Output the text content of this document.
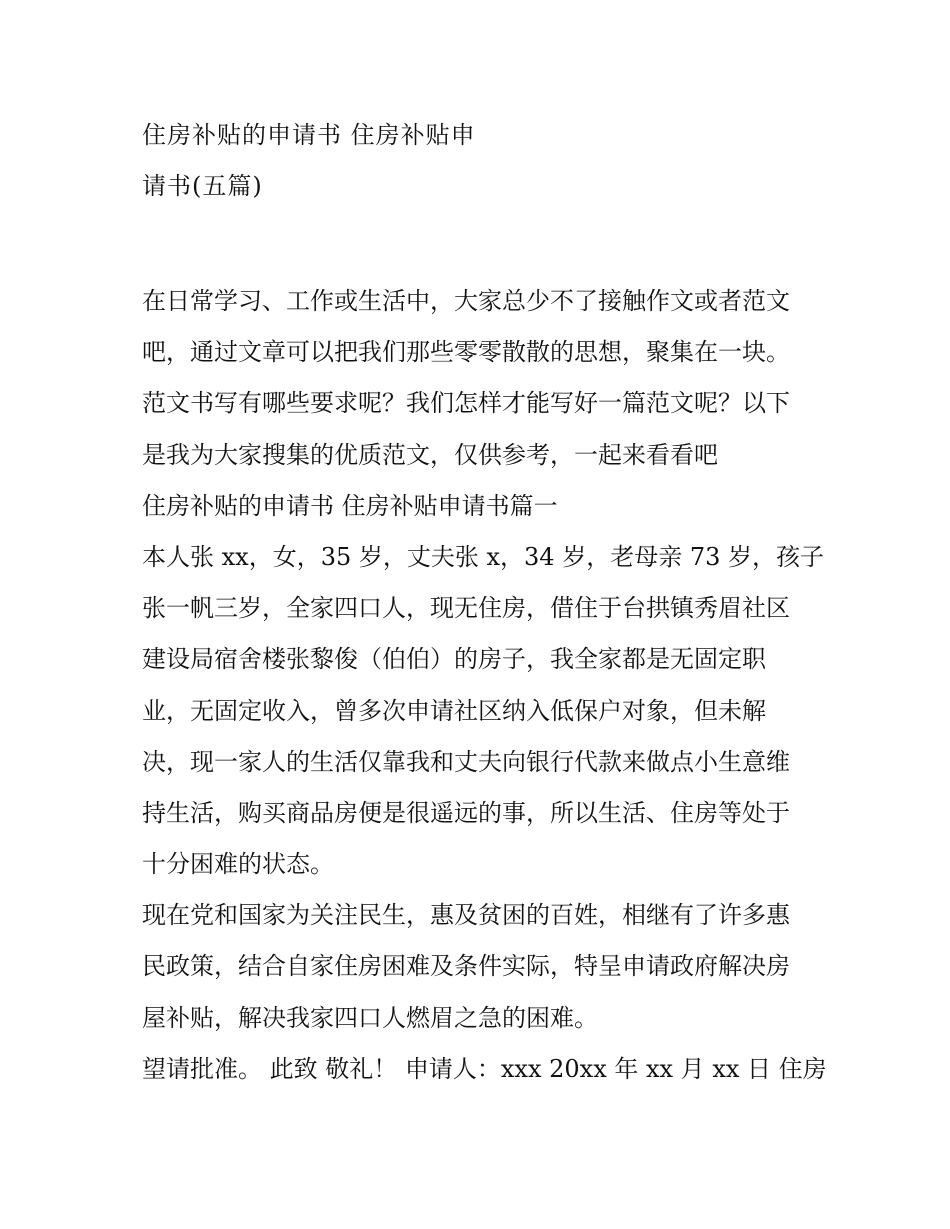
住房补贴的申请书 住房补贴申
请书(五篇)
在日常学习、工作或生活中，大家总少不了接触作文或者范文
吧，通过文章可以把我们那些零零散散的思想，聚集在一块。
范文书写有哪些要求呢？我们怎样才能写好一篇范文呢？以下
是我为大家搜集的优质范文，仅供参考，一起来看看吧
住房补贴的申请书 住房补贴申请书篇一
本人张 xx，女，35 岁，丈夫张 x，34 岁，老母亲 73 岁，孩子
张一帆三岁，全家四口人，现无住房，借住于台拱镇秀眉社区
建设局宿舍楼张黎俊（伯伯）的房子，我全家都是无固定职
业，无固定收入，曾多次申请社区纳入低保户对象，但未解
决，现一家人的生活仅靠我和丈夫向银行代款来做点小生意维
持生活，购买商品房便是很遥远的事，所以生活、住房等处于
十分困难的状态。
现在党和国家为关注民生，惠及贫困的百姓，相继有了许多惠
民政策，结合自家住房困难及条件实际，特呈申请政府解决房
屋补贴，解决我家四口人燃眉之急的困难。
望请批准。 此致 敬礼！ 申请人：xxx 20xx 年 xx 月 xx 日 住房
